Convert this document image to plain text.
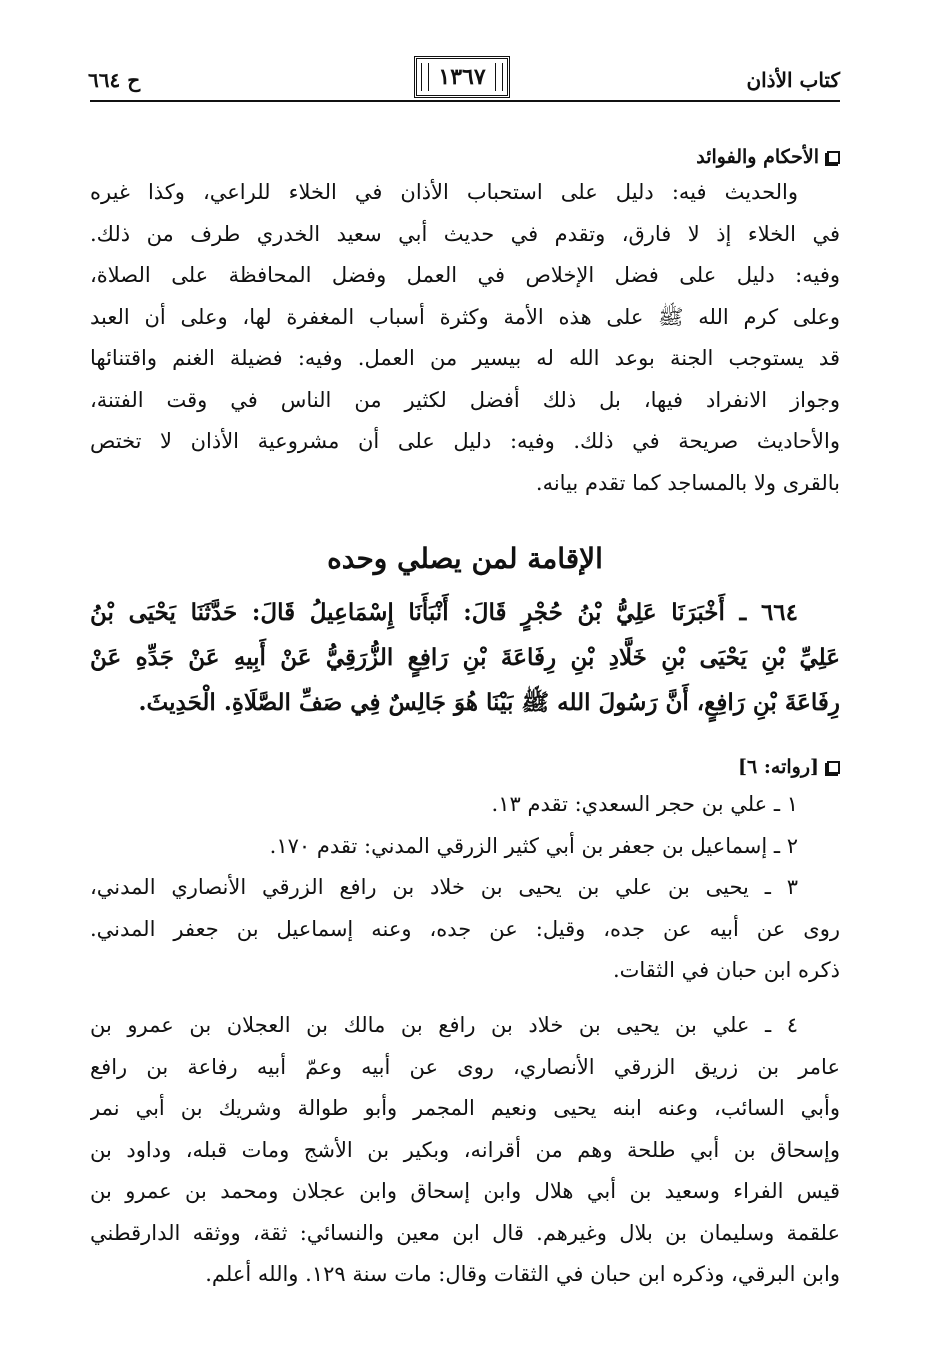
كتاب الأذان
١٣٦٧
ح ٦٦٤
الأحكام والفوائد
والحديث فيه: دليل على استحباب الأذان في الخلاء للراعي، وكذا غيره
في الخلاء إذ لا فارق، وتقدم في حديث أبي سعيد الخدري طرف من ذلك.
وفيه: دليل على فضل الإخلاص في العمل وفضل المحافظة على الصلاة،
وعلى كرم الله ﷺ على هذه الأمة وكثرة أسباب المغفرة لها، وعلى أن العبد
قد يستوجب الجنة بوعد الله له بيسير من العمل. وفيه: فضيلة الغنم واقتنائها
وجواز الانفراد فيها، بل ذلك أفضل لكثير من الناس في وقت الفتنة،
والأحاديث صريحة في ذلك. وفيه: دليل على أن مشروعية الأذان لا تختص
بالقرى ولا بالمساجد كما تقدم بيانه.
الإقامة لمن يصلي وحده
٦٦٤ ـ أَخْبَرَنَا عَلِيُّ بْنُ حُجْرٍ قَالَ: أَنْبَأَنَا إِسْمَاعِيلُ قَالَ: حَدَّثَنَا يَحْيَى بْنُ
عَلِيِّ بْنِ يَحْيَى بْنِ خَلَّادِ بْنِ رِفَاعَةَ بْنِ رَافِعٍ الزُّرَقِيُّ عَنْ أَبِيهِ عَنْ جَدِّهِ عَنْ
رِفَاعَةَ بْنِ رَافِعٍ، أَنَّ رَسُولَ الله ﷺ بَيْنَا هُوَ جَالِسٌ فِي صَفِّ الصَّلَاةِ. الْحَدِيثَ.
[رواته: ٦]
١ ـ علي بن حجر السعدي: تقدم ١٣.
٢ ـ إسماعيل بن جعفر بن أبي كثير الزرقي المدني: تقدم ١٧٠.
٣ ـ يحيى بن علي بن يحيى بن خلاد بن رافع الزرقي الأنصاري المدني،
روى عن أبيه عن جده، وقيل: عن جده، وعنه إسماعيل بن جعفر المدني.
ذكره ابن حبان في الثقات.
٤ ـ علي بن يحيى بن خلاد بن رافع بن مالك بن العجلان بن عمرو بن
عامر بن زريق الزرقي الأنصاري، روى عن أبيه وعمّ أبيه رفاعة بن رافع
وأبي السائب، وعنه ابنه يحيى ونعيم المجمر وأبو طوالة وشريك بن أبي نمر
وإسحاق بن أبي طلحة وهم من أقرانه، وبكير بن الأشج ومات قبله، وداود بن
قيس الفراء وسعيد بن أبي هلال وابن إسحاق وابن عجلان ومحمد بن عمرو بن
علقمة وسليمان بن بلال وغيرهم. قال ابن معين والنسائي: ثقة، ووثقه الدارقطني
وابن البرقي، وذكره ابن حبان في الثقات وقال: مات سنة ١٢٩. والله أعلم.
